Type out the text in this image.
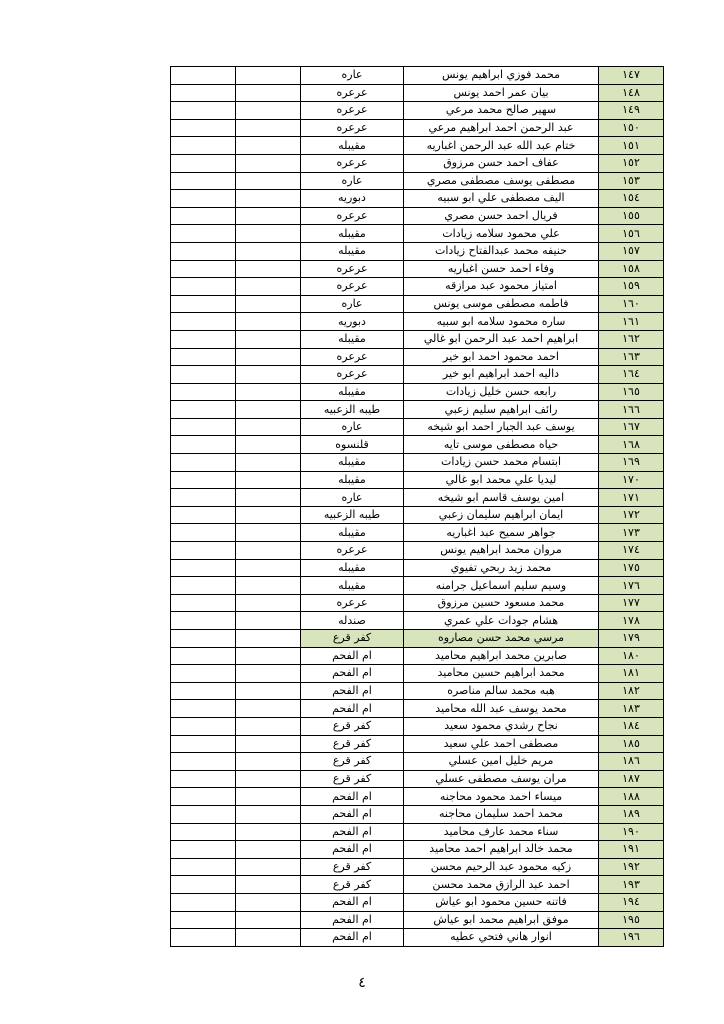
		عاره	محمد فوزي ابراهيم يونس	١٤٧
		عرعره	بيان عمر احمد يونس	١٤٨
		عرعره	سهير صالح محمد مرعي	١٤٩
		عرعره	عبد الرحمن احمد ابراهيم مرعي	١٥٠
		مقيبله	ختام عبد الله عبد الرحمن اغباريه	١٥١
		عرعره	عفاف احمد حسن مرزوق	١٥٢
		عاره	مصطفى يوسف مصطفى مصري	١٥٣
		دبوريه	اليف مصطفى علي ابو سبيه	١٥٤
		عرعره	فريال احمد حسن مصري	١٥٥
		مقيبله	علي محمود سلامه زيادات	١٥٦
		مقيبله	حنيفه محمد عبدالفتاح زيادات	١٥٧
		عرعره	وفاء احمد حسن اغباريه	١٥٨
		عرعره	امتياز محمود عبد مرازقه	١٥٩
		عاره	فاطمه مصطفى موسى يونس	١٦٠
		دبوريه	ساره محمود سلامه ابو سبيه	١٦١
		مقيبله	ابراهيم احمد عبد الرحمن ابو غالي	١٦٢
		عرعره	احمد محمود احمد ابو خير	١٦٣
		عرعره	داليه احمد ابراهيم ابو خير	١٦٤
		مقيبله	رابعه حسن خليل زيادات	١٦٥
		طيبه الزعبيه	رائف ابراهيم سليم زعبي	١٦٦
		عاره	يوسف عبد الجبار احمد ابو شيخه	١٦٧
		قلنسوه	حياه مصطفى موسى تايه	١٦٨
		مقيبله	ابتسام محمد حسن زيادات	١٦٩
		مقيبله	ليديا علي محمد ابو غالي	١٧٠
		عاره	امين يوسف قاسم ابو شيخه	١٧١
		طيبه الزعبيه	ايمان ابراهيم سليمان زعبي	١٧٢
		مقيبله	جواهر سميح عبد اغباريه	١٧٣
		عرعره	مروان محمد ابراهيم يونس	١٧٤
		مقيبله	محمد زيد ربحي تفيوي	١٧٥
		مقيبله	وسيم سليم اسماعيل جرامنه	١٧٦
		عرعره	محمد مسعود حسين مرزوق	١٧٧
		صندله	هشام جودات علي عمري	١٧٨
		كفر قرع	مرسي محمد حسن مصاروه	١٧٩
		ام الفحم	صابرين محمد ابراهيم محاميد	١٨٠
		ام الفحم	محمد ابراهيم حسين محاميد	١٨١
		ام الفحم	هبه محمد سالم مناصره	١٨٢
		ام الفحم	محمد يوسف عبد الله محاميد	١٨٣
		كفر قرع	نجاح رشدي محمود سعيد	١٨٤
		كفر قرع	مصطفى احمد علي سعيد	١٨٥
		كفر قرع	مريم خليل امين عسلي	١٨٦
		كفر قرع	مران يوسف مصطفى عسلي	١٨٧
		ام الفحم	ميساء احمد محمود محاجنه	١٨٨
		ام الفحم	محمد احمد سليمان محاجنه	١٨٩
		ام الفحم	سناء محمد عارف محاميد	١٩٠
		ام الفحم	محمد خالد ابراهيم احمد محاميد	١٩١
		كفر قرع	زكيه محمود عبد الرحيم محسن	١٩٢
		كفر قرع	احمد عبد الرازق محمد محسن	١٩٣
		ام الفحم	فاتنه حسين محمود ابو عياش	١٩٤
		ام الفحم	موفق ابراهيم محمد ابو عياش	١٩٥
		ام الفحم	انوار هاني فتحي عطيه	١٩٦
٤
